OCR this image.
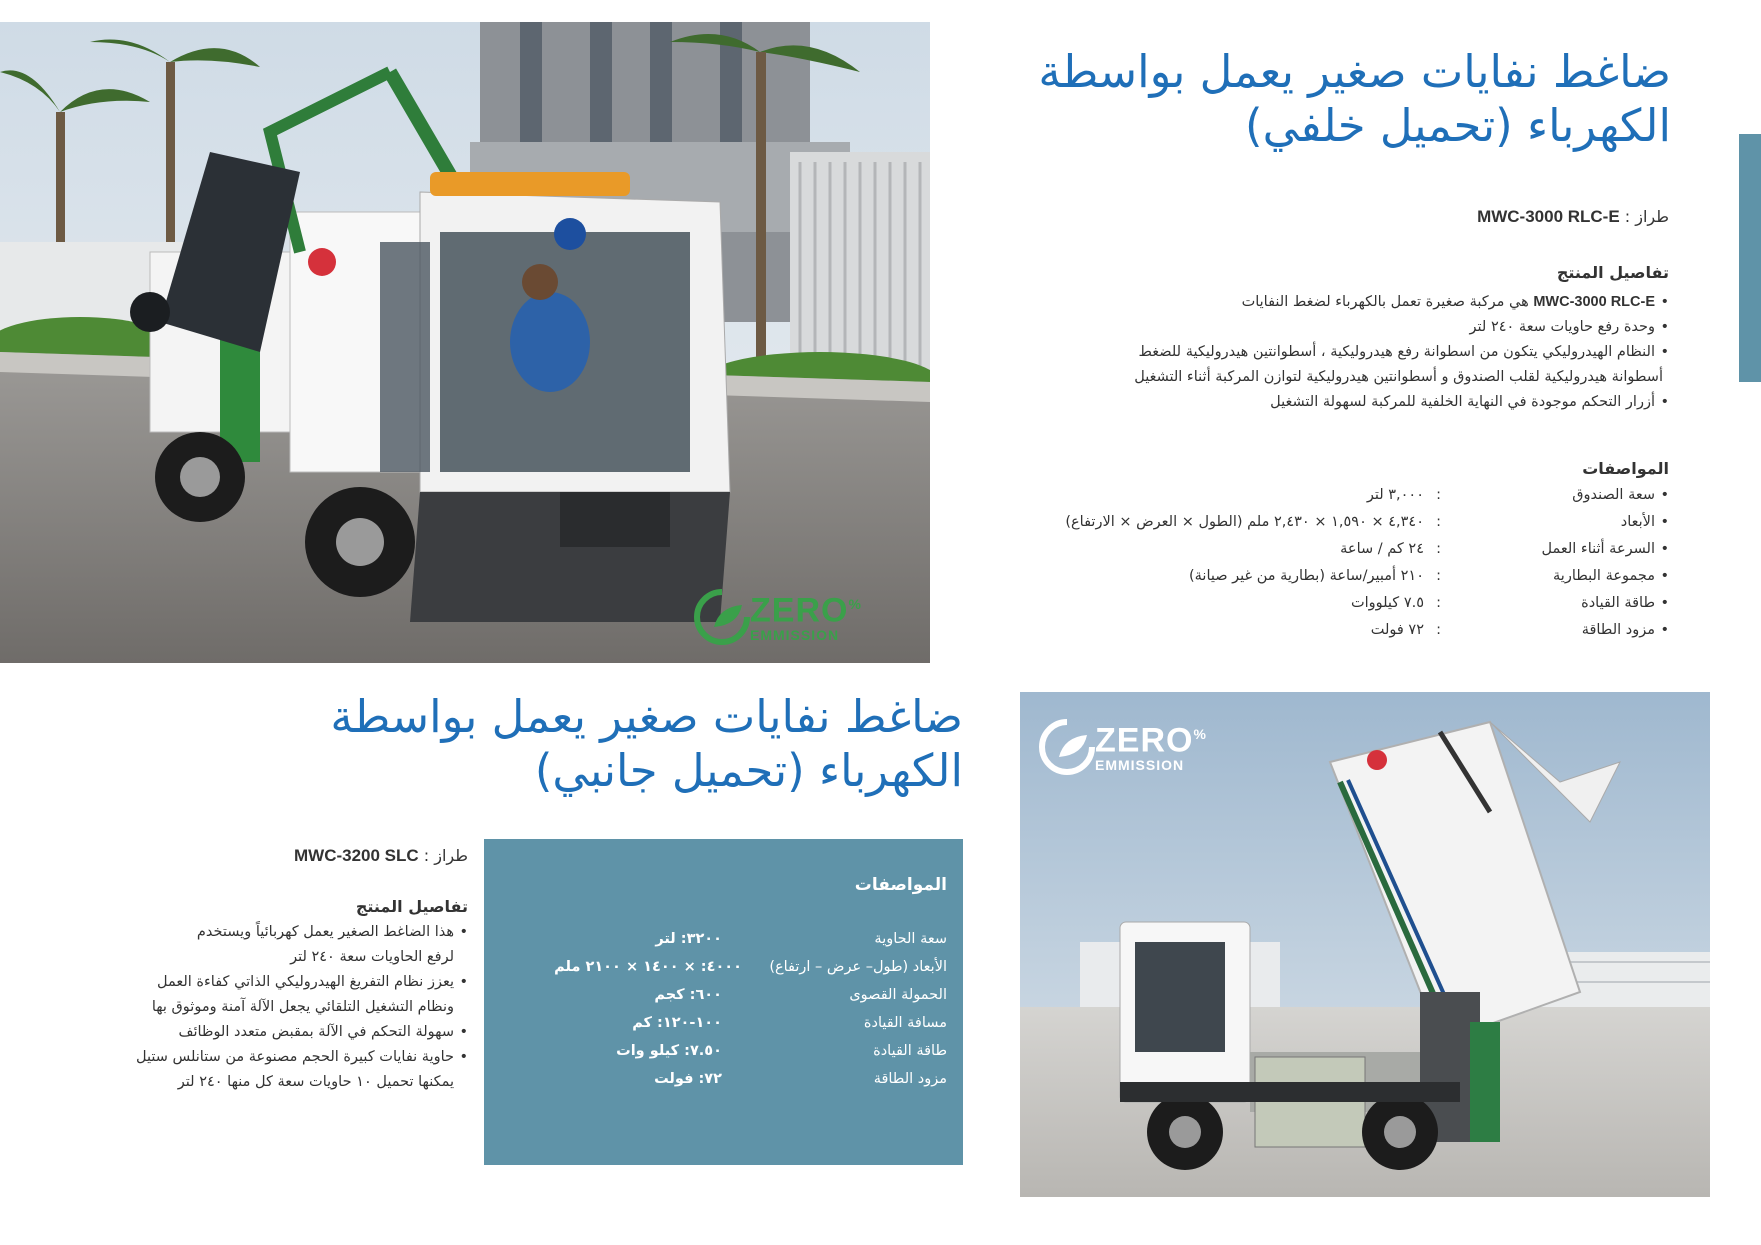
ZERO%
EMMISSION
ضاغط نفايات صغير يعمل بواسطة
الكهرباء (تحميل خلفي)
طراز : MWC-3000 RLC-E
تفاصيل المنتج
• MWC-3000 RLC-E هي مركبة صغيرة تعمل بالكهرباء لضغط النفايات
• وحدة رفع حاويات سعة ٢٤٠ لتر
• النظام الهيدروليكي يتكون من اسطوانة رفع هيدروليكية ، أسطوانتين هيدروليكية للضغط
أسطوانة هيدروليكية لقلب الصندوق و أسطوانتين هيدروليكية لتوازن المركبة أثناء التشغيل
• أزرار التحكم موجودة في النهاية الخلفية للمركبة لسهولة التشغيل
المواصفات
• سعة الصندوق
:
٣,٠٠٠ لتر
• الأبعاد
:
٤,٣٤٠ × ١,٥٩٠ × ٢,٤٣٠ ملم (الطول × العرض × الارتفاع)
• السرعة أثناء العمل
:
٢٤ كم / ساعة
• مجموعة البطارية
:
٢١٠ أمبير/ساعة (بطارية من غير صيانة)
• طاقة القيادة
:
٧.٥ كيلووات
• مزود الطاقة
:
٧٢ فولت
ضاغط نفايات صغير يعمل بواسطة
الكهرباء (تحميل جانبي)
طراز : MWC-3200 SLC
تفاصيل المنتج
• هذا الضاغط الصغير يعمل كهربائياً ويستخدم
لرفع الحاويات سعة ٢٤٠ لتر
• يعزز نظام التفريغ الهيدروليكي الذاتي كفاءة العمل
ونظام التشغيل التلقائي يجعل الآلة آمنة وموثوق بها
• سهولة التحكم في الآلة بمقبض متعدد الوظائف
• حاوية نفايات كبيرة الحجم مصنوعة من ستانلس ستيل
يمكنها تحميل ١٠ حاويات سعة كل منها ٢٤٠ لتر
المواصفات
سعة الحاوية
٣٢٠٠: لتر
الأبعاد (طول– عرض – ارتفاع)
٤٠٠٠: × ١٤٠٠ × ٢١٠٠ ملم
الحمولة القصوى
٦٠٠: كجم
مسافة القيادة
١٠٠-١٢٠: كم
طاقة القيادة
٧.٥٠: كيلو وات
مزود الطاقة
٧٢: فولت
ZERO%
EMMISSION
